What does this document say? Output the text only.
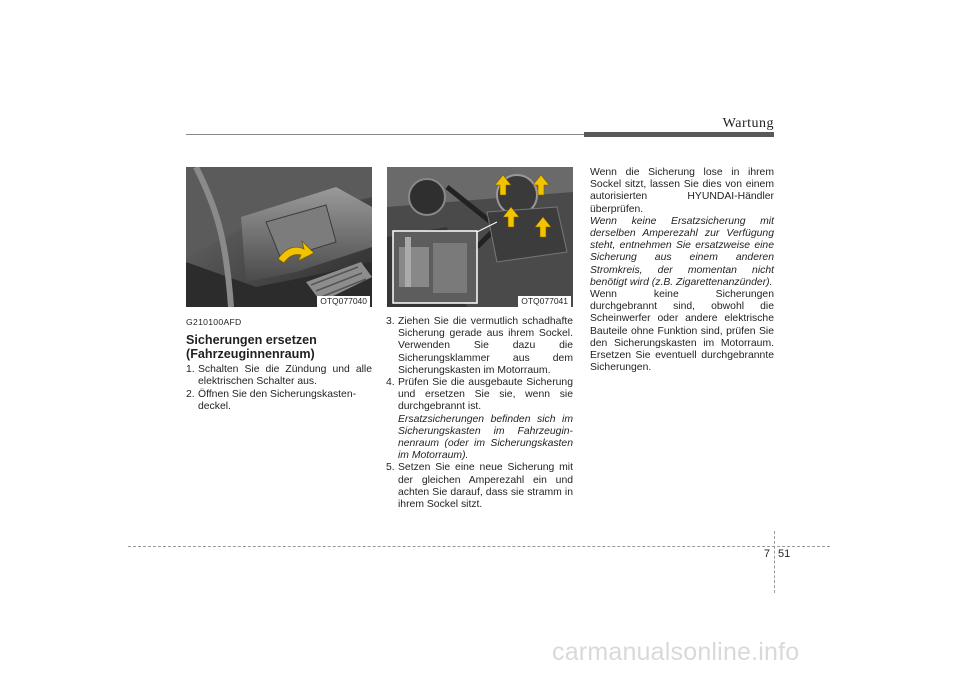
Wartung
OTQ077040	OTQ077041
G210100AFD
Sicherungen ersetzen (Fahrzeuginnenraum)
1. Schalten Sie die Zündung und alle elektrischen Schalter aus.
2. Öffnen Sie den Sicherungskasten-
deckel.
3. Ziehen Sie die vermutlich schadhafte Sicherung gerade aus ihrem Sockel. Verwenden Sie dazu die Sicherungsklammer aus dem Sicherungskasten im Motorraum.
4. Prüfen Sie die ausgebaute Sicherung und ersetzen Sie sie, wenn sie durchgebrannt ist.
Ersatzsicherungen befinden sich im Sicherungskasten im Fahrzeugin-nenraum (oder im Sicherungskasten im Motorraum).
5. Setzen Sie eine neue Sicherung mit der gleichen Amperezahl ein und achten Sie darauf, dass sie stramm in ihrem Sockel sitzt.
Wenn die Sicherung lose in ihrem Sockel sitzt, lassen Sie dies von einem autorisierten HYUNDAI-Händler überprüfen.
Wenn keine Ersatzsicherung mit derselben Amperezahl zur Verfügung steht, entnehmen Sie ersatzweise eine Sicherung aus einem anderen Stromkreis, der momentan nicht benötigt wird (z.B. Zigarettenanzünder).
Wenn keine Sicherungen durchgebrannt sind, obwohl die Scheinwerfer oder andere elektrische Bauteile ohne Funktion sind, prüfen Sie den Sicherungskasten im Motorraum. Ersetzen Sie eventuell durchgebrannte Sicherungen.
7 51
carmanualsonline.info
